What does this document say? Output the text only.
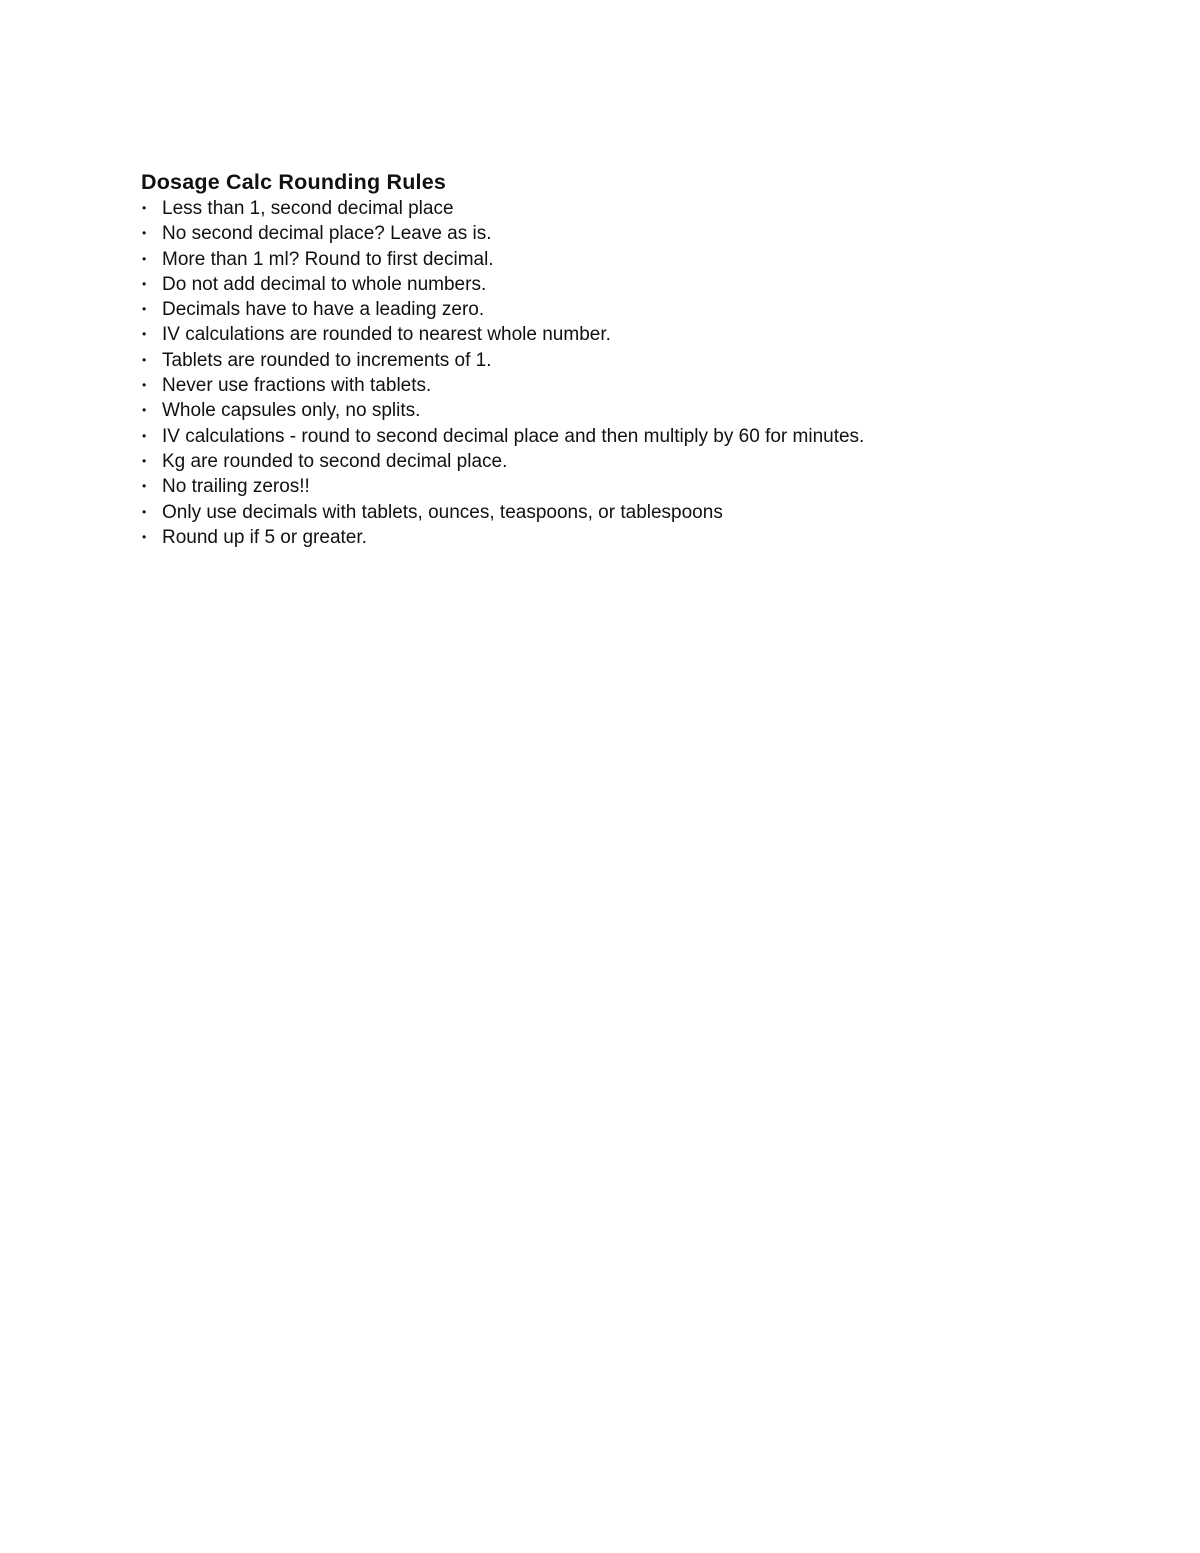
Dosage Calc Rounding Rules
• Less than 1, second decimal place
• No second decimal place? Leave as is.
• More than 1 ml? Round to first decimal.
• Do not add decimal to whole numbers.
• Decimals have to have a leading zero.
• IV calculations are rounded to nearest whole number.
• Tablets are rounded to increments of 1.
• Never use fractions with tablets.
• Whole capsules only, no splits.
• IV calculations - round to second decimal place and then multiply by 60 for minutes.
• Kg are rounded to second decimal place.
• No trailing zeros!!
• Only use decimals with tablets, ounces, teaspoons, or tablespoons
• Round up if 5 or greater.
